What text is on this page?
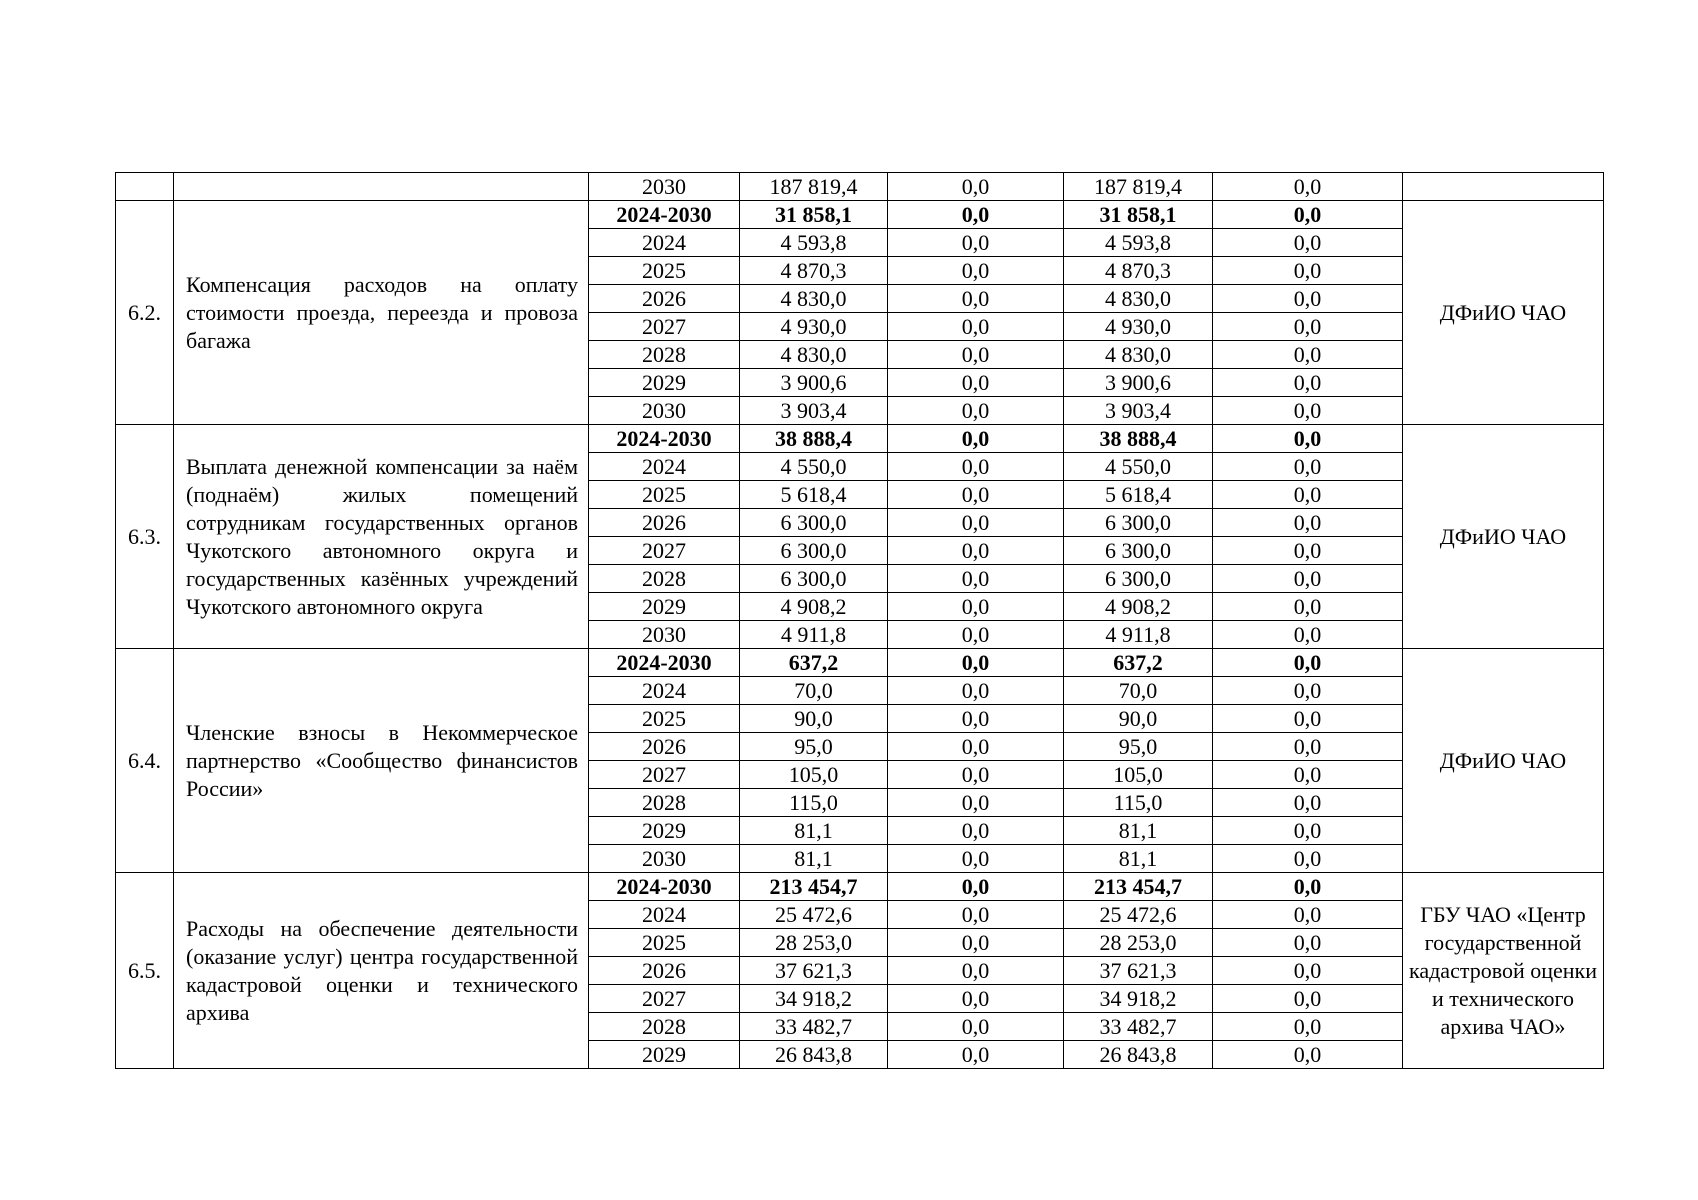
		2030	187 819,4	0,0	187 819,4	0,0	
6.2.	Компенсация расходов на оплату стоимости проезда, переезда и провоза багажа	2024-2030	31 858,1	0,0	31 858,1	0,0	ДФиИО ЧАО
		2024	4 593,8	0,0	4 593,8	0,0	
		2025	4 870,3	0,0	4 870,3	0,0	
		2026	4 830,0	0,0	4 830,0	0,0	
		2027	4 930,0	0,0	4 930,0	0,0	
		2028	4 830,0	0,0	4 830,0	0,0	
		2029	3 900,6	0,0	3 900,6	0,0	
		2030	3 903,4	0,0	3 903,4	0,0	
6.3.	Выплата денежной компенсации за наём (поднаём) жилых помещений сотрудникам государственных органов Чукотского автономного округа и государственных казённых учреждений Чукотского автономного округа	2024-2030	38 888,4	0,0	38 888,4	0,0	ДФиИО ЧАО
		2024	4 550,0	0,0	4 550,0	0,0	
		2025	5 618,4	0,0	5 618,4	0,0	
		2026	6 300,0	0,0	6 300,0	0,0	
		2027	6 300,0	0,0	6 300,0	0,0	
		2028	6 300,0	0,0	6 300,0	0,0	
		2029	4 908,2	0,0	4 908,2	0,0	
		2030	4 911,8	0,0	4 911,8	0,0	
6.4.	Членские взносы в Некоммерческое партнерство «Сообщество финансистов России»	2024-2030	637,2	0,0	637,2	0,0	ДФиИО ЧАО
		2024	70,0	0,0	70,0	0,0	
		2025	90,0	0,0	90,0	0,0	
		2026	95,0	0,0	95,0	0,0	
		2027	105,0	0,0	105,0	0,0	
		2028	115,0	0,0	115,0	0,0	
		2029	81,1	0,0	81,1	0,0	
		2030	81,1	0,0	81,1	0,0	
6.5.	Расходы на обеспечение деятельности (оказание услуг) центра государственной кадастровой оценки и технического архива	2024-2030	213 454,7	0,0	213 454,7	0,0	ГБУ ЧАО «Центр государственной кадастровой оценки и технического архива ЧАО»
		2024	25 472,6	0,0	25 472,6	0,0	
		2025	28 253,0	0,0	28 253,0	0,0	
		2026	37 621,3	0,0	37 621,3	0,0	
		2027	34 918,2	0,0	34 918,2	0,0	
		2028	33 482,7	0,0	33 482,7	0,0	
		2029	26 843,8	0,0	26 843,8	0,0	
